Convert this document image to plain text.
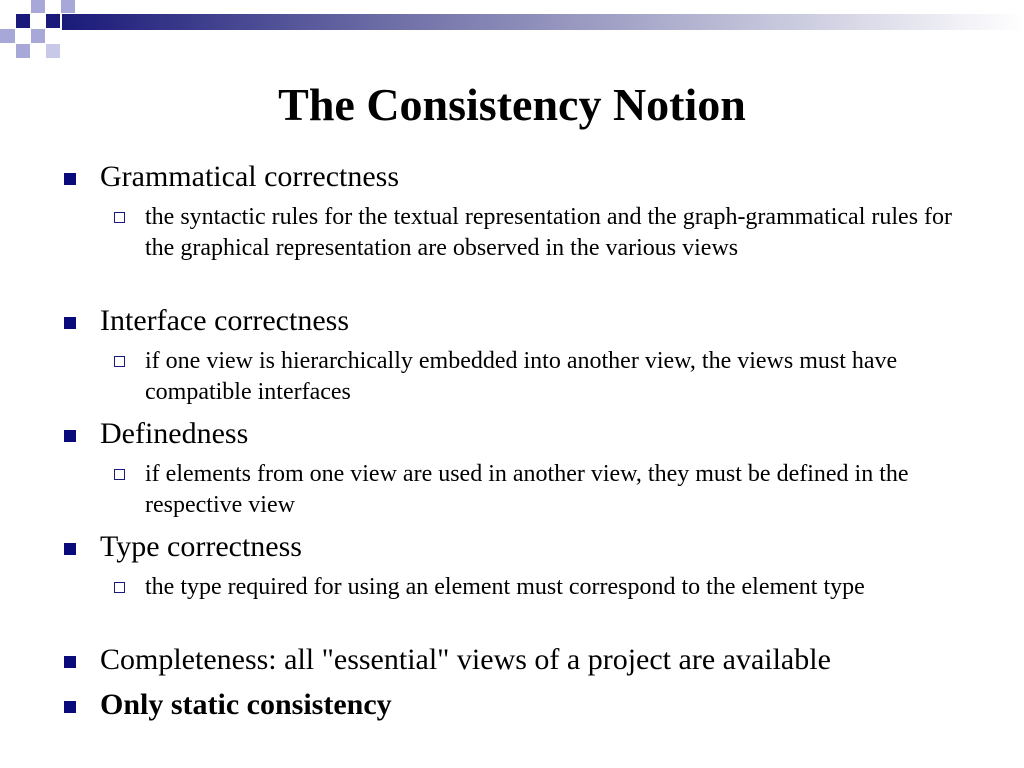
The Consistency Notion
Grammatical correctness
the syntactic rules for the textual representation and the graph-grammatical rules for the graphical representation are observed in the various views
Interface correctness
if one view is hierarchically embedded into another view, the views must have compatible interfaces
Definedness
if elements from one view are used in another view, they must be defined in the respective view
Type correctness
the type required for using an element must correspond to the element type
Completeness: all "essential" views of a project are available
Only static consistency
